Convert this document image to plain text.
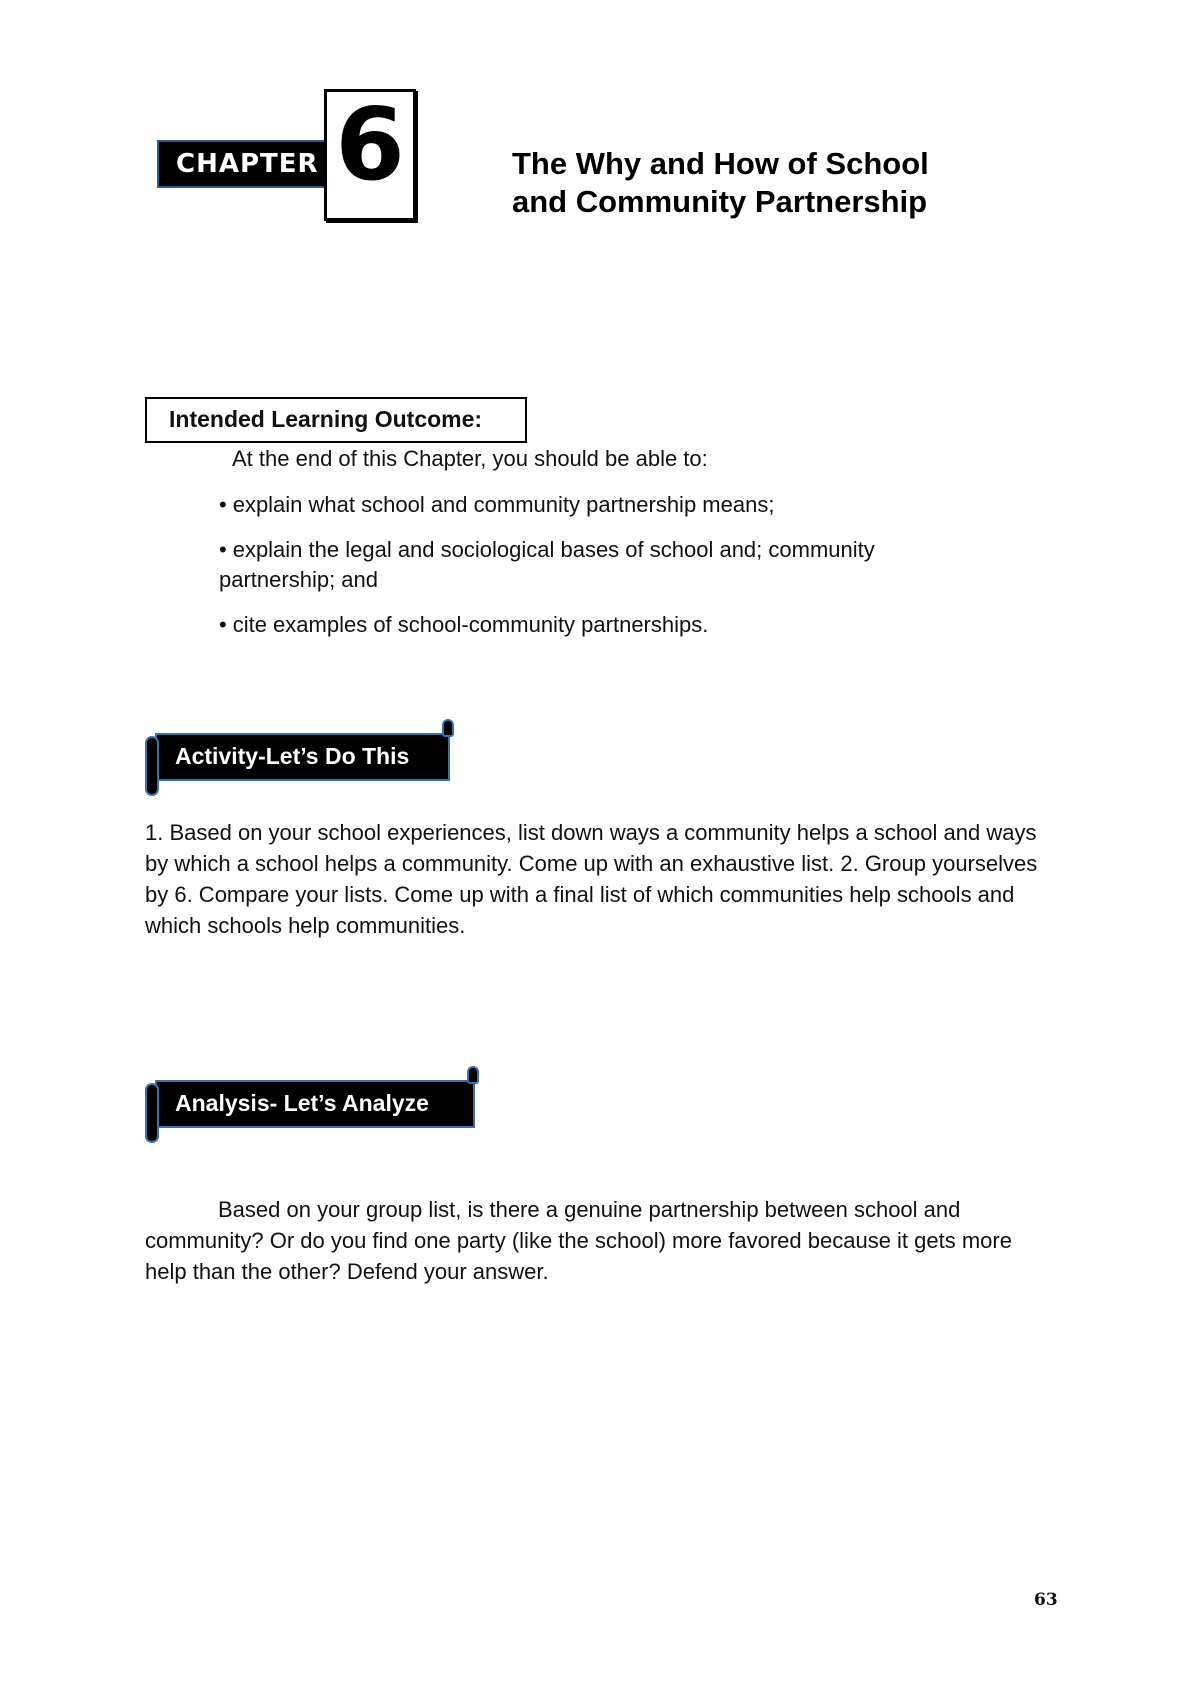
CHAPTER 6	The Why and How of School
and Community Partnership
Intended Learning Outcome:
At the end of this Chapter, you should be able to:
• explain what school and community partnership means;
• explain the legal and sociological bases of school and; community partnership; and
• cite examples of school-community partnerships.
Activity-Let’s Do This
1. Based on your school experiences, list down ways a community helps a school and ways by which a school helps a community. Come up with an exhaustive list. 2. Group yourselves by 6. Compare your lists. Come up with a final list of which communities help schools and which schools help communities.
Analysis- Let’s Analyze
Based on your group list, is there a genuine partnership between school and community? Or do you find one party (like the school) more favored because it gets more help than the other? Defend your answer.
63
